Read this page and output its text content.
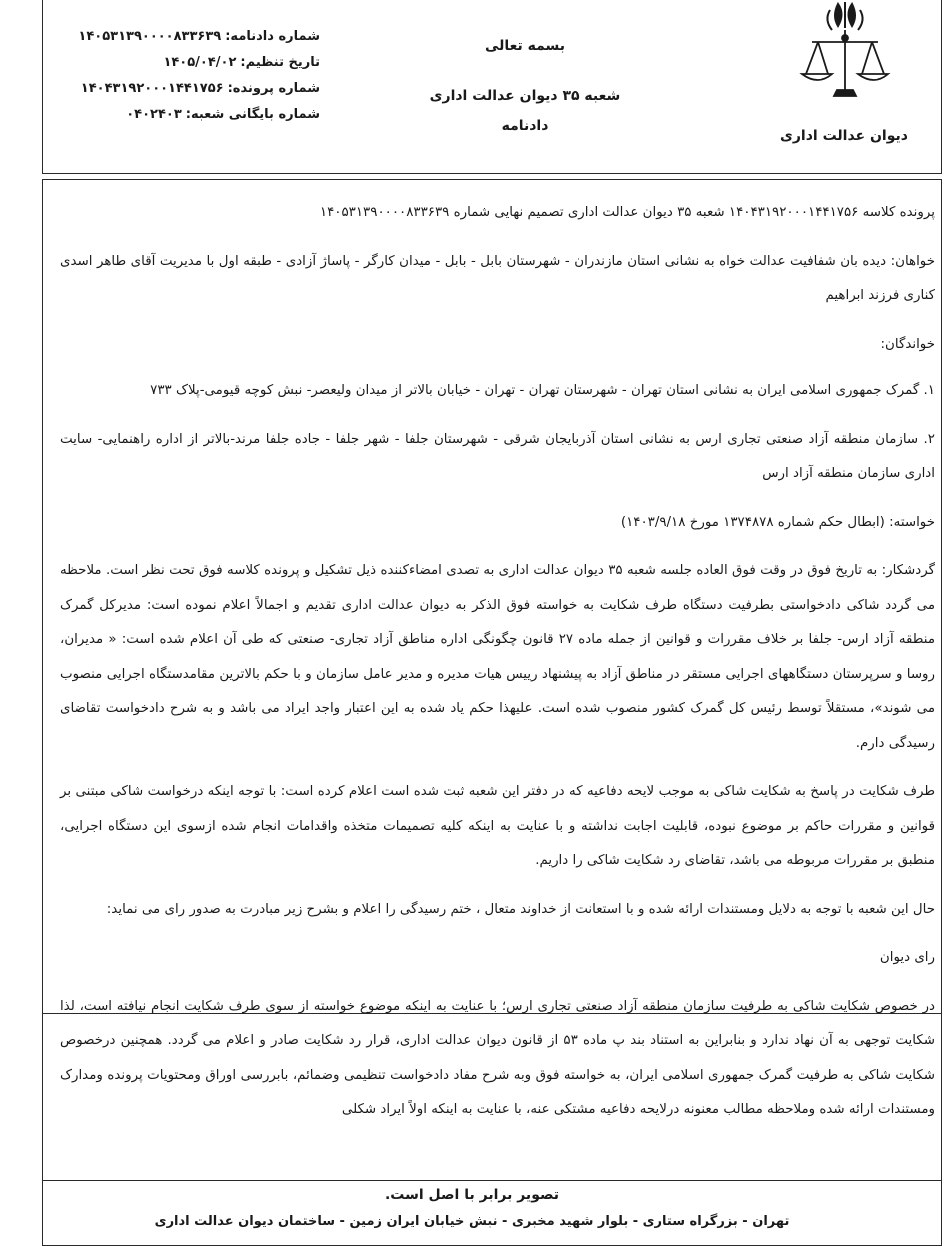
دیوان عدالت اداری
بسمه تعالی
شعبه ۳۵ دیوان عدالت اداری
دادنامه
شماره دادنامه:۱۴۰۵۳۱۳۹۰۰۰۰۸۳۳۶۳۹
تاریخ تنظیم:۱۴۰۵/۰۴/۰۲
شماره پرونده:۱۴۰۴۳۱۹۲۰۰۰۱۴۴۱۷۵۶
شماره بایگانی شعبه:۰۴۰۲۴۰۳

پرونده کلاسه ۱۴۰۴۳۱۹۲۰۰۰۱۴۴۱۷۵۶ شعبه ۳۵ دیوان عدالت اداری تصمیم نهایی شماره ۱۴۰۵۳۱۳۹۰۰۰۰۸۳۳۶۳۹

خواهان: دیده بان شفافیت عدالت خواه به نشانی استان مازندران - شهرستان بابل - بابل - میدان کارگر - پاساژ آزادی - طبقه اول با مدیریت آقای طاهر اسدی کناری فرزند ابراهیم

خواندگان:

۱. گمرک جمهوری اسلامی ایران به نشانی استان تهران - شهرستان تهران - تهران - خیابان بالاتر از میدان ولیعصر- نبش کوچه قیومی-پلاک ۷۳۳

۲. سازمان منطقه آزاد صنعتی تجاری ارس به نشانی استان آذربایجان شرقی - شهرستان جلفا - شهر جلفا - جاده جلفا مرند-بالاتر از اداره راهنمایی- سایت اداری سازمان منطقه آزاد ارس

خواسته: (ابطال حکم شماره ۱۳۷۴۸۷۸ مورخ ۱۴۰۳/۹/۱۸)

گردشکار: به تاریخ فوق در وقت فوق العاده جلسه شعبه ۳۵ دیوان عدالت اداری به تصدی امضاءکننده ذیل تشکیل و پرونده کلاسه فوق تحت نظر است. ملاحظه می گردد شاکی دادخواستی بطرفیت دستگاه طرف شکایت به خواسته فوق الذکر به دیوان عدالت اداری تقدیم و اجمالاً اعلام نموده است: مدیرکل گمرک منطقه آزاد ارس- جلفا بر خلاف مقررات و قوانین از جمله ماده ۲۷ قانون چگونگی اداره مناطق آزاد تجاری- صنعتی که طی آن اعلام شده است: « مدیران، روسا و سرپرستان دستگاههای اجرایی مستقر در مناطق آزاد به پیشنهاد رییس هیات مدیره و مدیر عامل سازمان و با حکم بالاترین مقامدستگاه اجرایی منصوب می شوند»، مستقلاً توسط رئیس کل گمرک کشور منصوب شده است. علیهذا حکم یاد شده به این اعتبار واجد ایراد می باشد و به شرح دادخواست تقاضای رسیدگی دارم.

طرف شکایت در پاسخ به شکایت شاکی به موجب لایحه دفاعیه که در دفتر این شعبه ثبت شده است اعلام کرده است: با توجه اینکه درخواست شاکی مبتنی بر قوانین و مقررات حاکم بر موضوع نبوده، قابلیت اجابت نداشته و با عنایت به اینکه کلیه تصمیمات متخذه واقدامات انجام شده ازسوی این دستگاه اجرایی، منطبق بر مقررات مربوطه می باشد، تقاضای رد شکایت شاکی را داریم.

حال این شعبه با توجه به دلایل ومستندات ارائه شده و با استعانت از خداوند متعال ، ختم رسیدگی را اعلام و بشرح زیر مبادرت به صدور رای می نماید:

رای دیوان

در خصوص شکایت شاکی به طرفیت سازمان منطقه آزاد صنعتی تجاری ارس؛ با عنایت به اینکه موضوع خواسته از سوی طرف شکایت انجام نیافته است، لذا شکایت توجهی به آن نهاد ندارد و بنابراین به استناد بند پ ماده ۵۳ از قانون دیوان عدالت اداری، قرار رد شکایت صادر و اعلام می گردد. همچنین درخصوص شکایت شاکی به طرفیت گمرک جمهوری اسلامی ایران، به خواسته فوق وبه شرح مفاد دادخواست تنظیمی وضمائم، بابررسی اوراق ومحتویات پرونده ومدارک ومستندات ارائه شده وملاحظه مطالب معنونه درلایحه دفاعیه مشتکی عنه، با عنایت به اینکه اولاً ایراد شکلی

تصویر برابر با اصل است.
تهران - بزرگراه ستاری - بلوار شهید مخبری - نبش خیابان ایران زمین - ساختمان دیوان عدالت اداری
